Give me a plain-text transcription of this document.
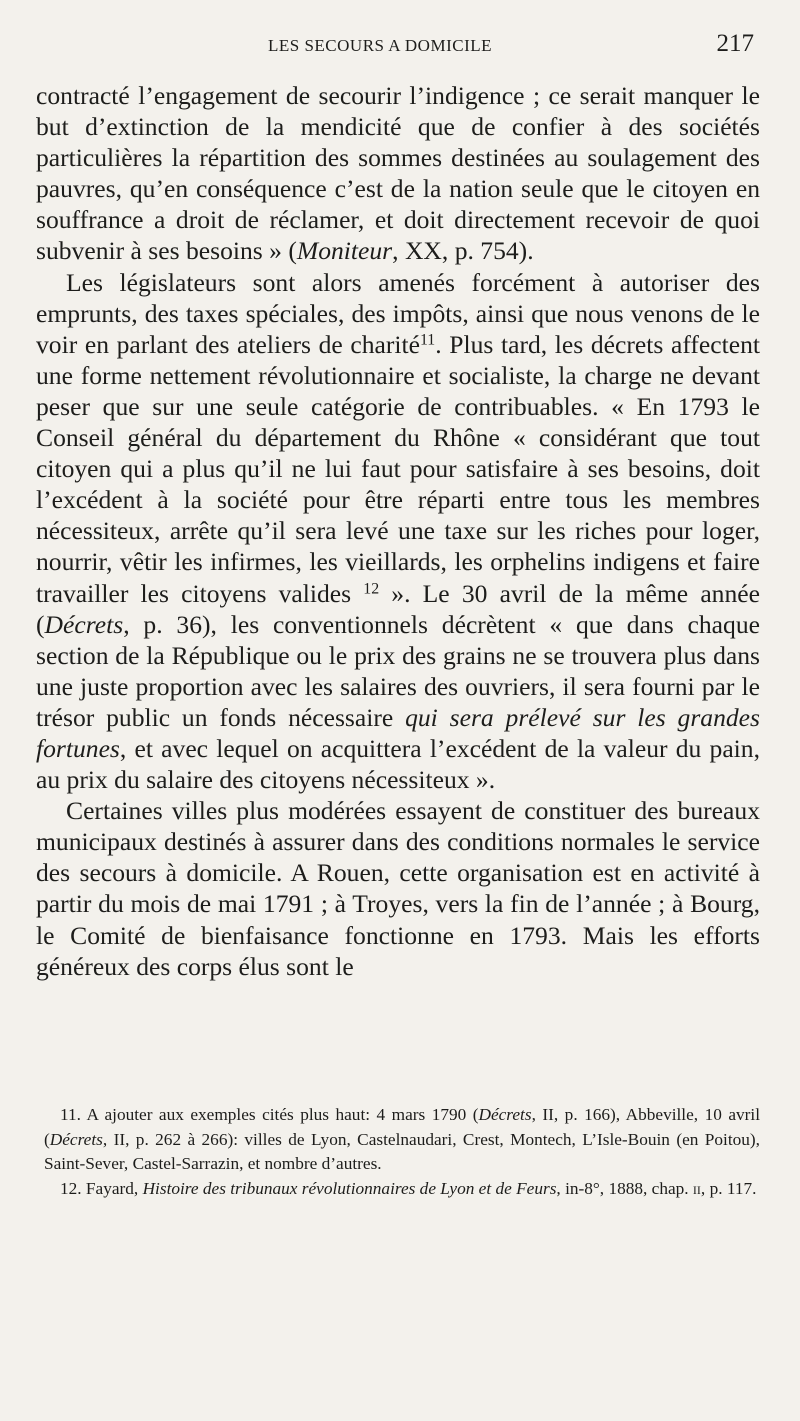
LES SECOURS A DOMICILE	217

contracté l’engagement de secourir l’indigence ; ce serait manquer le but d’extinction de la mendicité que de confier à des sociétés particulières la répartition des sommes destinées au soulagement des pauvres, qu’en conséquence c’est de la nation seule que le citoyen en souffrance a droit de réclamer, et doit directement recevoir de quoi subvenir à ses besoins » (Moniteur, XX, p. 754).

Les législateurs sont alors amenés forcément à autoriser des emprunts, des taxes spéciales, des impôts, ainsi que nous venons de le voir en parlant des ateliers de charité$^{11}$. Plus tard, les décrets affectent une forme nettement révolutionnaire et socialiste, la charge ne devant peser que sur une seule catégorie de contribuables. « En 1793 le Conseil général du département du Rhône « considérant que tout citoyen qui a plus qu’il ne lui faut pour satisfaire à ses besoins, doit l’excédent à la société pour être réparti entre tous les membres nécessiteux, arrête qu’il sera levé une taxe sur les riches pour loger, nourrir, vêtir les infirmes, les vieillards, les orphelins indigens et faire travailler les citoyens valides $^{12}$ ». Le 30 avril de la même année (Décrets, p. 36), les conventionnels décrètent « que dans chaque section de la République ou le prix des grains ne se trouvera plus dans une juste proportion avec les salaires des ouvriers, il sera fourni par le trésor public un fonds nécessaire qui sera prélevé sur les grandes fortunes, et avec lequel on acquittera l’excédent de la valeur du pain, au prix du salaire des citoyens nécessiteux ».

Certaines villes plus modérées essayent de constituer des bureaux municipaux destinés à assurer dans des conditions normales le service des secours à domicile. A Rouen, cette organisation est en activité à partir du mois de mai 1791 ; à Troyes, vers la fin de l’année ; à Bourg, le Comité de bienfaisance fonctionne en 1793. Mais les efforts généreux des corps élus sont le

11. A ajouter aux exemples cités plus haut: 4 mars 1790 (Décrets, II, p. 166), Abbeville, 10 avril (Décrets, II, p. 262 à 266): villes de Lyon, Castelnaudari, Crest, Montech, L’Isle-Bouin (en Poitou), Saint-Sever, Castel-Sarrazin, et nombre d’autres.

12. Fayard, Histoire des tribunaux révolutionnaires de Lyon et de Feurs, in-8°, 1888, chap. ii, p. 117.
